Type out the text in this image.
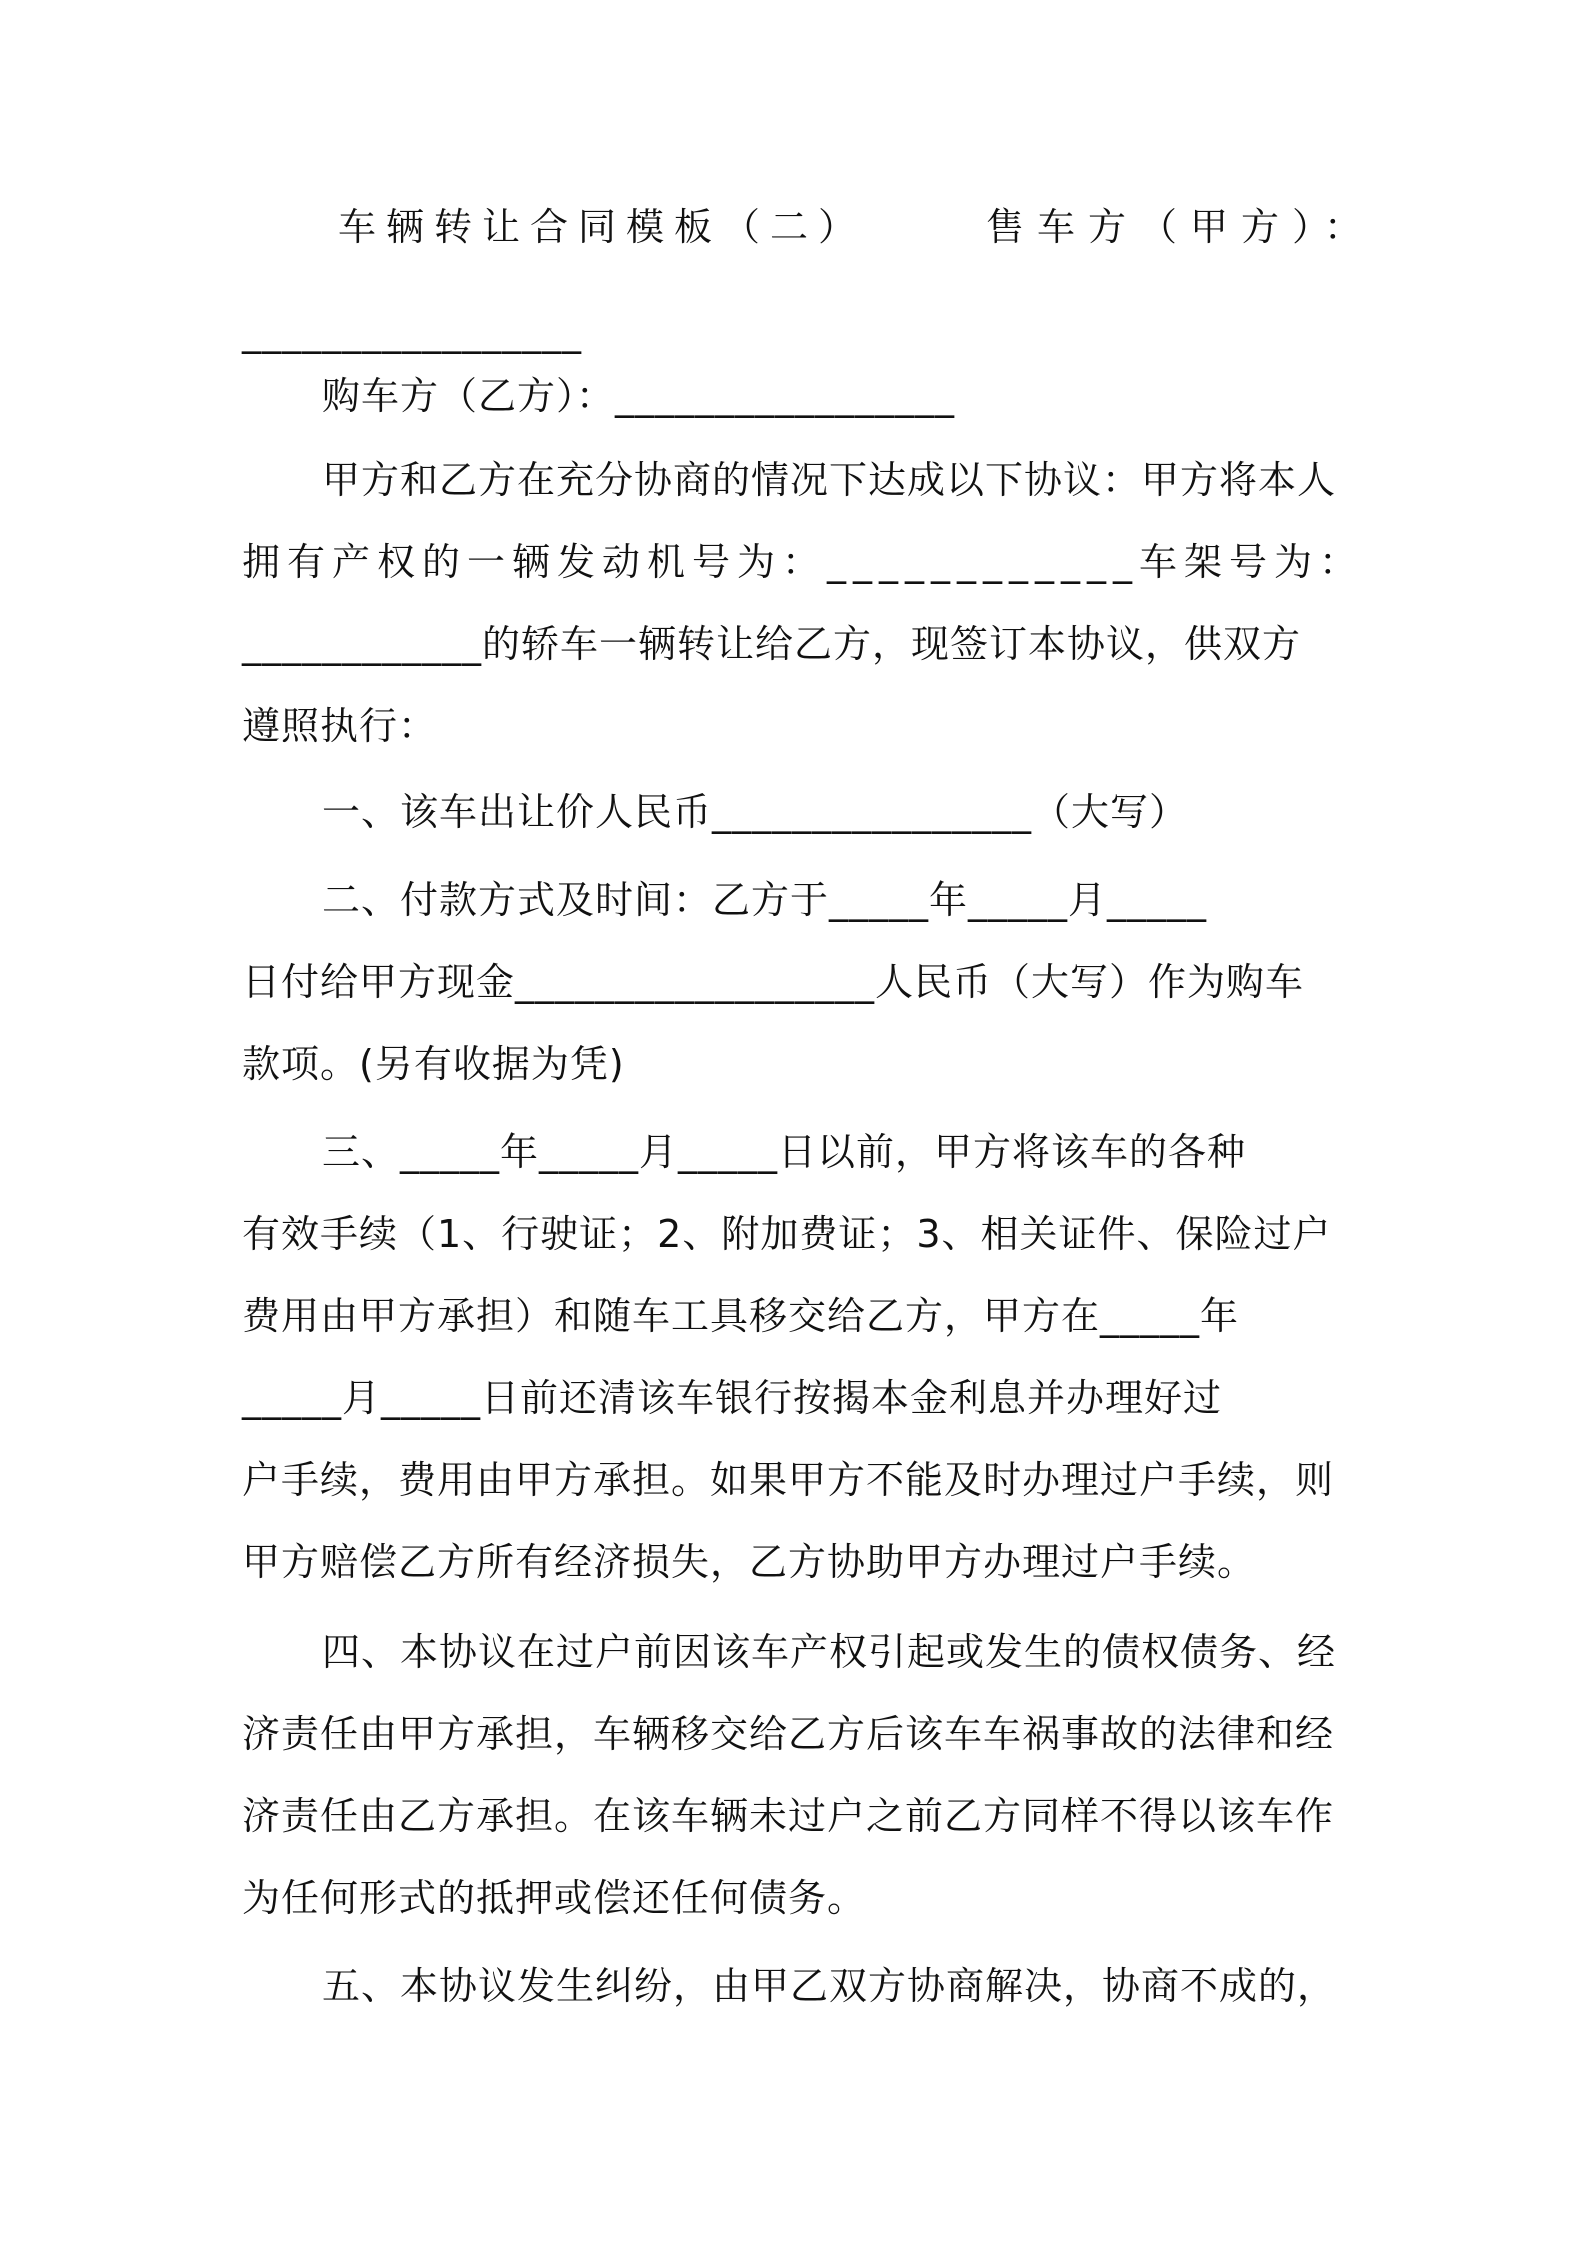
车辆转让合同模板（二）	售车方（甲方）：
_________________
购车方（乙方）：_________________
甲方和乙方在充分协商的情况下达成以下协议：甲方将本人
拥有产权的一辆发动机号为：____________车架号为：
____________的轿车一辆转让给乙方，现签订本协议，供双方
遵照执行：
一、该车出让价人民币________________（大写）
二、付款方式及时间：乙方于_____年_____月_____
日付给甲方现金__________________人民币（大写）作为购车
款项。(另有收据为凭)
三、_____年_____月_____日以前，甲方将该车的各种
有效手续（1、行驶证；2、附加费证；3、相关证件、保险过户
费用由甲方承担）和随车工具移交给乙方，甲方在_____年
_____月_____日前还清该车银行按揭本金利息并办理好过
户手续，费用由甲方承担。如果甲方不能及时办理过户手续，则
甲方赔偿乙方所有经济损失，乙方协助甲方办理过户手续。
四、本协议在过户前因该车产权引起或发生的债权债务、经
济责任由甲方承担，车辆移交给乙方后该车车祸事故的法律和经
济责任由乙方承担。在该车辆未过户之前乙方同样不得以该车作
为任何形式的抵押或偿还任何债务。
五、本协议发生纠纷，由甲乙双方协商解决，协商不成的，
